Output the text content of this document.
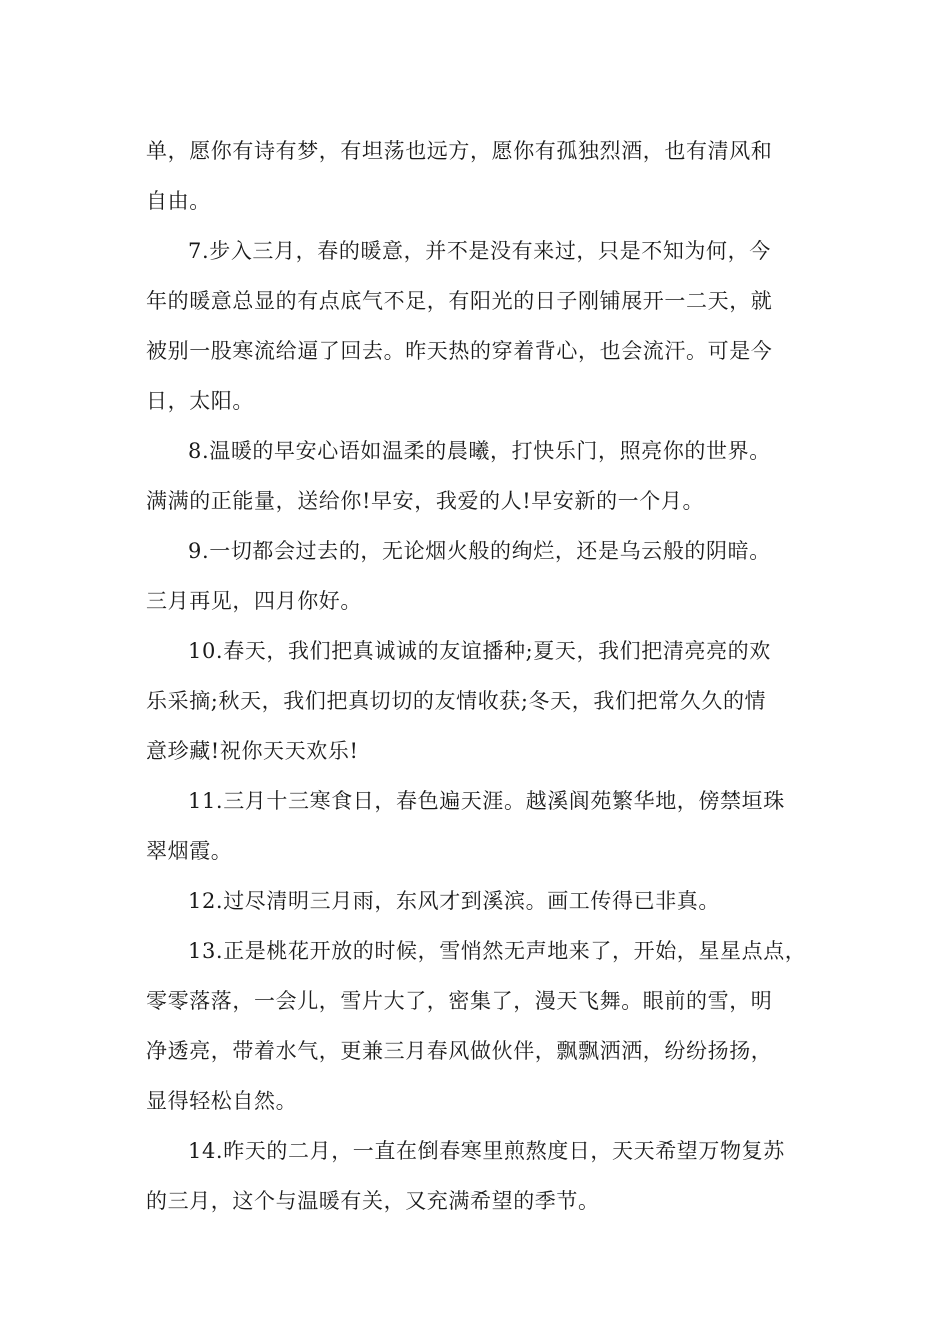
单，愿你有诗有梦，有坦荡也远方，愿你有孤独烈酒，也有清风和
自由。
7.步入三月，春的暖意，并不是没有来过，只是不知为何，今
年的暖意总显的有点底气不足，有阳光的日子刚铺展开一二天，就
被别一股寒流给逼了回去。昨天热的穿着背心，也会流汗。可是今
日，太阳。
8.温暖的早安心语如温柔的晨曦，打快乐门，照亮你的世界。
满满的正能量，送给你!早安，我爱的人!早安新的一个月。
9.一切都会过去的，无论烟火般的绚烂，还是乌云般的阴暗。
三月再见，四月你好。
10.春天，我们把真诚诚的友谊播种;夏天，我们把清亮亮的欢
乐采摘;秋天，我们把真切切的友情收获;冬天，我们把常久久的情
意珍藏!祝你天天欢乐!
11.三月十三寒食日，春色遍天涯。越溪阆苑繁华地，傍禁垣珠
翠烟霞。
12.过尽清明三月雨，东风才到溪滨。画工传得已非真。
13.正是桃花开放的时候，雪悄然无声地来了，开始，星星点点，
零零落落，一会儿，雪片大了，密集了，漫天飞舞。眼前的雪，明
净透亮，带着水气，更兼三月春风做伙伴，飘飘洒洒，纷纷扬扬，
显得轻松自然。
14.昨天的二月，一直在倒春寒里煎熬度日，天天希望万物复苏
的三月，这个与温暖有关，又充满希望的季节。
